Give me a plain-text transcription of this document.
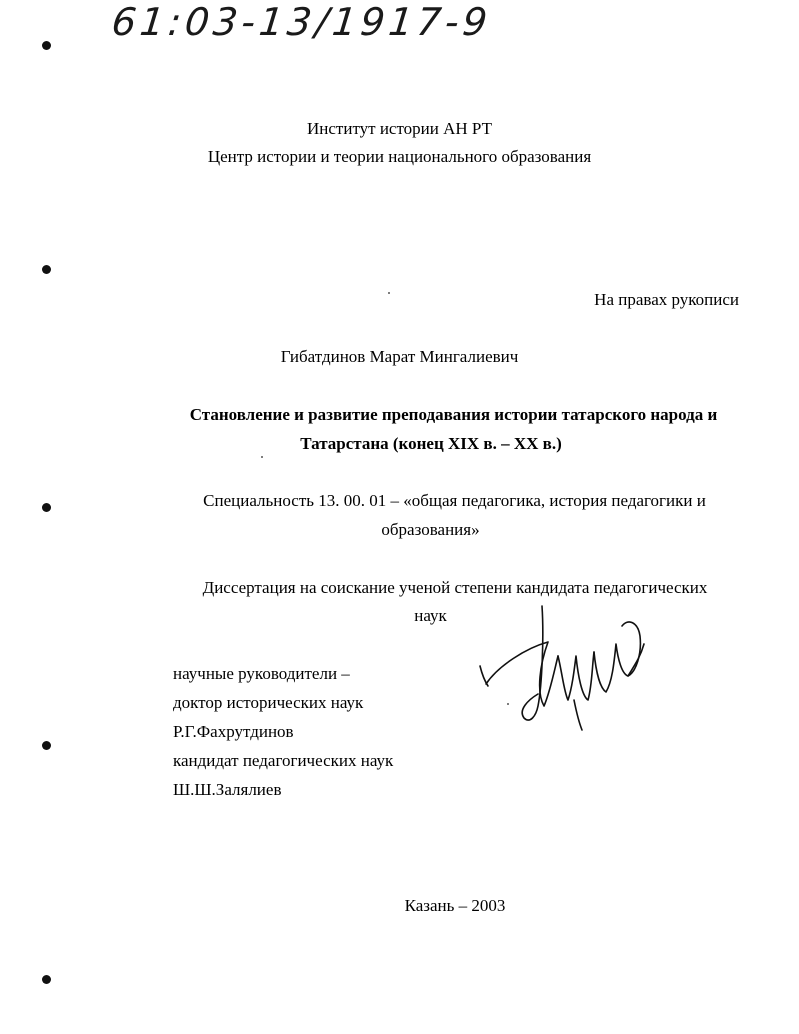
61:03-13/1917-9
Институт истории АН РТ
Центр истории и теории национального образования
На правах рукописи
Гибатдинов Марат Мингалиевич
Становление и развитие преподавания истории татарского народа и
Татарстана (конец XIX в. – XX в.)
Специальность 13. 00. 01 – «общая педагогика, история педагогики и
образования»
Диссертация на соискание ученой степени кандидата педагогических
наук
научные руководители –
доктор исторических наук
Р.Г.Фахрутдинов
кандидат педагогических наук
Ш.Ш.Залялиев
Казань – 2003
